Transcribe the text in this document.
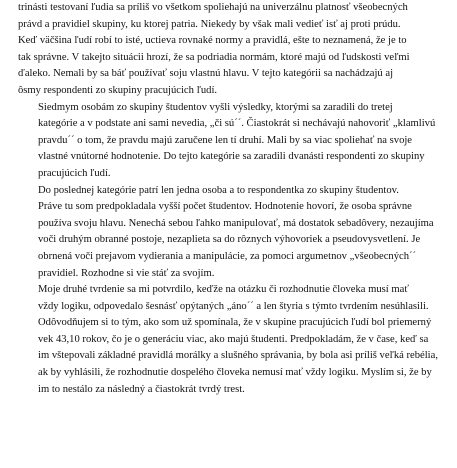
trinásti testovaní ľudia sa príliš vo všetkom spoliehajú na univerzálnu platnosť všeobecných
právd a pravidiel skupiny, ku ktorej patria. Niekedy by však mali vedieť isť aj proti prúdu.
Keď väčšina ľudí robí to isté, uctieva rovnaké normy a pravidlá, ešte to neznamená, že je to
tak správne. V takejto situácii hrozí, že sa podriadia normám, ktoré majú od ľudskosti veľmi
ďaleko. Nemali by sa báť používať soju vlastnú hlavu. V tejto kategórii sa nachádzajú aj
ôsmy respondenti zo skupiny pracujúcich ľudí.

Siedmym osobám zo skupiny študentov vyšli výsledky, ktorými sa zaradili do tretej
kategórie a v podstate ani sami nevedia, „či sú´´. Čiastokrát si nechávajú nahovoriť „klamlivú
pravdu´´ o tom, že pravdu majú zaručene len tí druhí. Mali by sa viac spoliehať na svoje
vlastné vnútorné hodnotenie. Do tejto kategórie sa zaradili dvanásti respondenti zo skupiny
pracujúcich ľudí.

Do poslednej kategórie patrí len jedna osoba a to respondentka zo skupiny študentov.
Práve tu som predpokladala vyšší počet študentov. Hodnotenie hovorí, že osoba správne
používa svoju hlavu. Nenechá sebou ľahko manipulovať, má dostatok sebadôvery, nezaujíma
voči druhým obranné postoje, nezaplieta sa do rôznych výhovoriek a pseudovysvetlení. Je
obrnená voči prejavom vydierania a manipulácie, za pomoci argumetnov „všeobecných´´
pravidiel. Rozhodne si vie stáť za svojím.

Moje druhé tvrdenie sa mi potvrdilo, keďže na otázku či rozhodnutie človeka musí mať
vždy logiku, odpovedalo šesnásť opýtaných „áno´´ a len štyria s týmto tvrdením nesúhlasili.
Odôvodňujem si to tým, ako som už spomínala, že v skupine pracujúcich ľudí bol priemerný
vek 43,10 rokov, čo je o generáciu viac, ako majú študenti. Predpokladám, že v čase, keď sa
im vštepovali základné pravidlá morálky a slušného správania, by bola asi príliš veľká rebélia,
ak by vyhlásili, že rozhodnutie dospelého človeka nemusí mať vždy logiku. Myslím si, že by
im to nestálo za následný a čiastokrát tvrdý trest.
